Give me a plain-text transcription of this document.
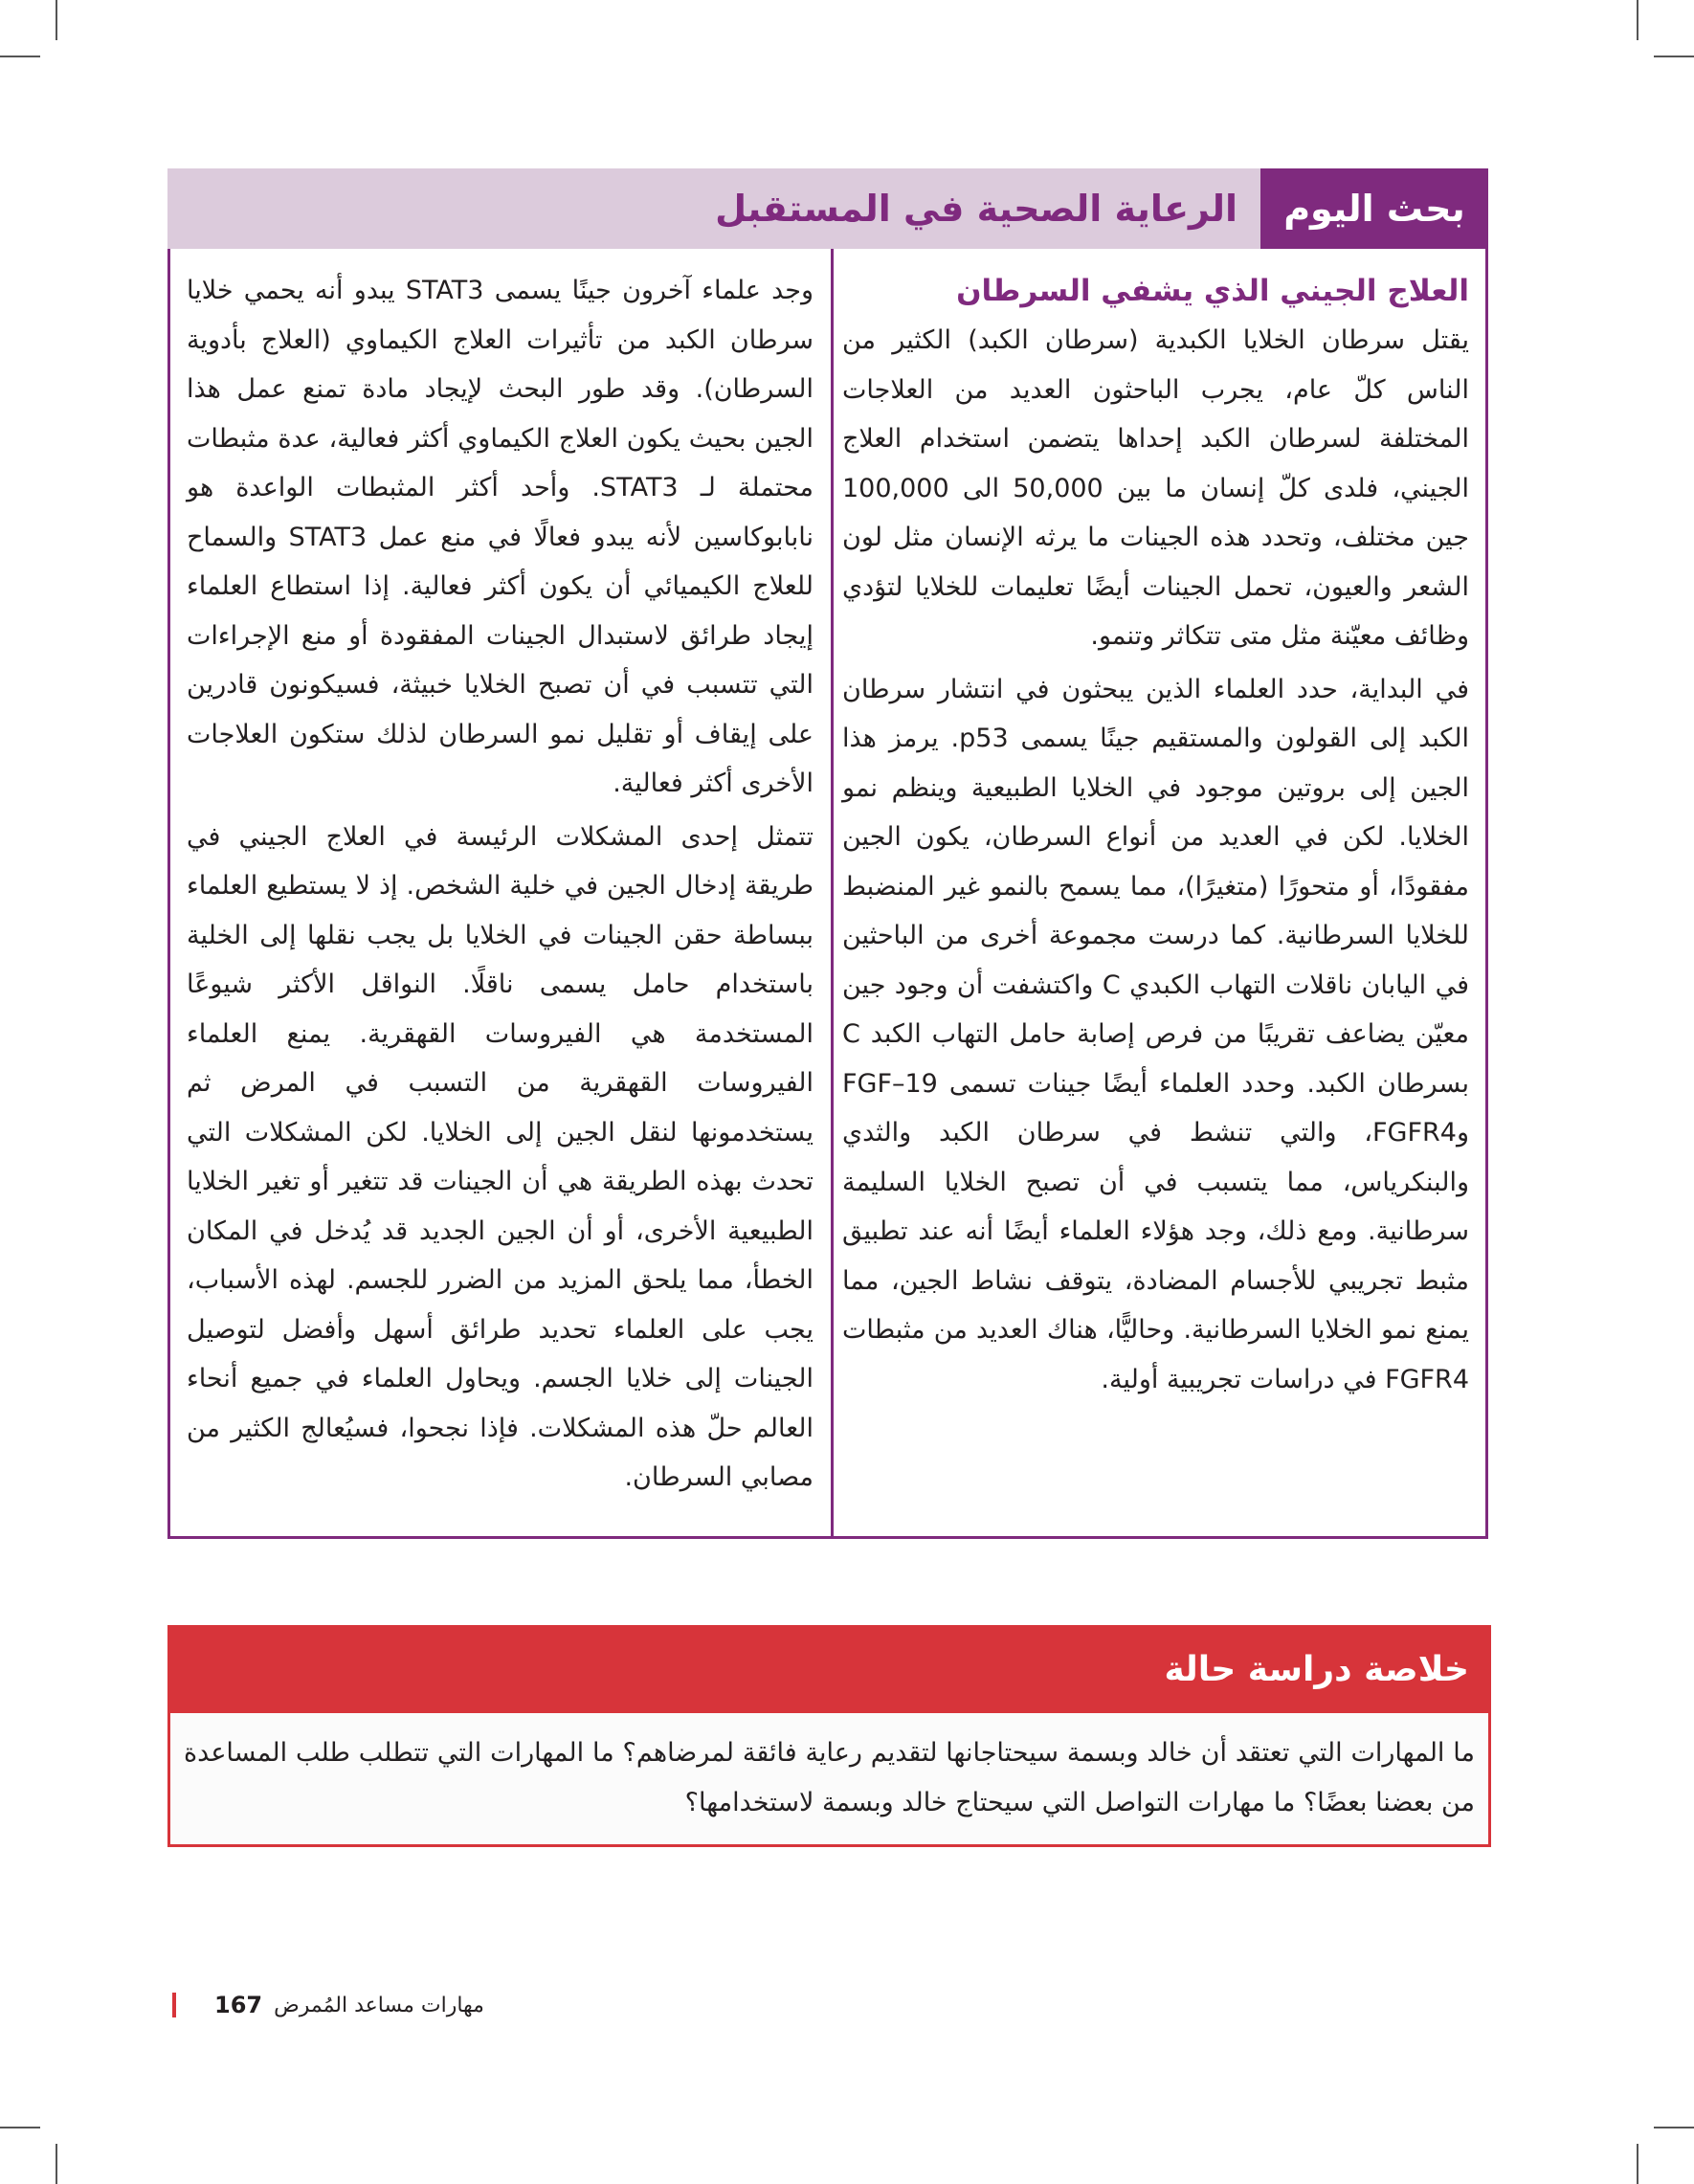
بحث اليوم
الرعاية الصحية في المستقبل
العلاج الجيني الذي يشفي السرطان

يقتل سرطان الخلايا الكبدية (سرطان الكبد) الكثير من الناس كلّ عام، يجرب الباحثون العديد من العلاجات المختلفة لسرطان الكبد إحداها يتضمن استخدام العلاج الجيني، فلدى كلّ إنسان ما بين 50,000 الى 100,000 جين مختلف، وتحدد هذه الجينات ما يرثه الإنسان مثل لون الشعر والعيون، تحمل الجينات أيضًا تعليمات للخلايا لتؤدي وظائف معيّنة مثل متى تتكاثر وتنمو.

في البداية، حدد العلماء الذين يبحثون في انتشار سرطان الكبد إلى القولون والمستقيم جينًا يسمى p53. يرمز هذا الجين إلى بروتين موجود في الخلايا الطبيعية وينظم نمو الخلايا. لكن في العديد من أنواع السرطان، يكون الجين مفقودًا، أو متحورًا (متغيرًا)، مما يسمح بالنمو غير المنضبط للخلايا السرطانية. كما درست مجموعة أخرى من الباحثين في اليابان ناقلات التهاب الكبدي C واكتشفت أن وجود جين معيّن يضاعف تقريبًا من فرص إصابة حامل التهاب الكبد C بسرطان الكبد. وحدد العلماء أيضًا جينات تسمى FGF–19 وFGFR4، والتي تنشط في سرطان الكبد والثدي والبنكرياس، مما يتسبب في أن تصبح الخلايا السليمة سرطانية. ومع ذلك، وجد هؤلاء العلماء أيضًا أنه عند تطبيق مثبط تجريبي للأجسام المضادة، يتوقف نشاط الجين، مما يمنع نمو الخلايا السرطانية. وحاليًّا، هناك العديد من مثبطات FGFR4 في دراسات تجريبية أولية.

وجد علماء آخرون جينًا يسمى STAT3 يبدو أنه يحمي خلايا سرطان الكبد من تأثيرات العلاج الكيماوي (العلاج بأدوية السرطان). وقد طور البحث لإيجاد مادة تمنع عمل هذا الجين بحيث يكون العلاج الكيماوي أكثر فعالية، عدة مثبطات محتملة لـ STAT3. وأحد أكثر المثبطات الواعدة هو نابابوكاسين لأنه يبدو فعالًا في منع عمل STAT3 والسماح للعلاج الكيميائي أن يكون أكثر فعالية. إذا استطاع العلماء إيجاد طرائق لاستبدال الجينات المفقودة أو منع الإجراءات التي تتسبب في أن تصبح الخلايا خبيثة، فسيكونون قادرين على إيقاف أو تقليل نمو السرطان لذلك ستكون العلاجات الأخرى أكثر فعالية.

تتمثل إحدى المشكلات الرئيسة في العلاج الجيني في طريقة إدخال الجين في خلية الشخص. إذ لا يستطيع العلماء ببساطة حقن الجينات في الخلايا بل يجب نقلها إلى الخلية باستخدام حامل يسمى ناقلًا. النواقل الأكثر شيوعًا المستخدمة هي الفيروسات القهقرية. يمنع العلماء الفيروسات القهقرية من التسبب في المرض ثم يستخدمونها لنقل الجين إلى الخلايا. لكن المشكلات التي تحدث بهذه الطريقة هي أن الجينات قد تتغير أو تغير الخلايا الطبيعية الأخرى، أو أن الجين الجديد قد يُدخل في المكان الخطأ، مما يلحق المزيد من الضرر للجسم. لهذه الأسباب، يجب على العلماء تحديد طرائق أسهل وأفضل لتوصيل الجينات إلى خلايا الجسم. ويحاول العلماء في جميع أنحاء العالم حلّ هذه المشكلات. فإذا نجحوا، فسيُعالج الكثير من مصابي السرطان.

خلاصة دراسة حالة
ما المهارات التي تعتقد أن خالد وبسمة سيحتاجانها لتقديم رعاية فائقة لمرضاهم؟ ما المهارات التي تتطلب طلب المساعدة من بعضنا بعضًا؟ ما مهارات التواصل التي سيحتاج خالد وبسمة لاستخدامها؟
167 مهارات مساعد المُمرض
